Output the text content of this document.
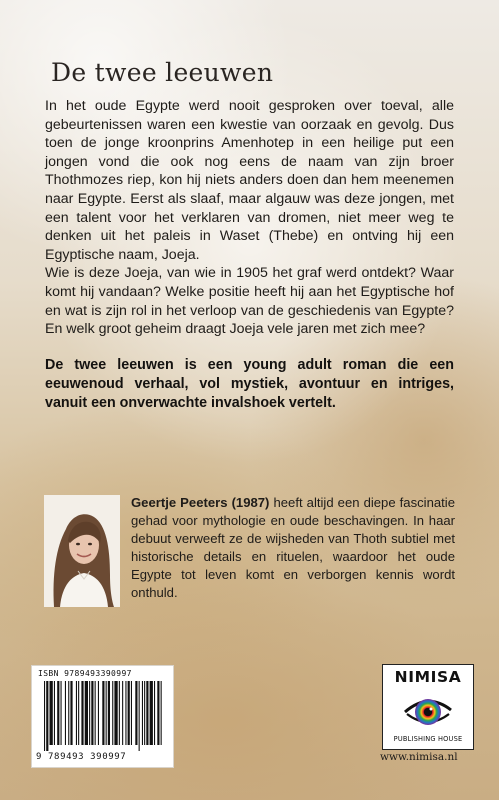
De twee leeuwen

In het oude Egypte werd nooit gesproken over toeval, alle gebeurtenissen waren een kwestie van oorzaak en gevolg. Dus toen de jonge kroonprins Amenhotep in een heilige put een jongen vond die ook nog eens de naam van zijn broer Thothmozes riep, kon hij niets anders doen dan hem meenemen naar Egypte. Eerst als slaaf, maar algauw was deze jongen, met een talent voor het verklaren van dromen, niet meer weg te denken uit het paleis in Waset (Thebe) en ontving hij een Egyptische naam, Joeja.

Wie is deze Joeja, van wie in 1905 het graf werd ontdekt? Waar komt hij vandaan? Welke positie heeft hij aan het Egyptische hof en wat is zijn rol in het verloop van de geschiedenis van Egypte? En welk groot geheim draagt Joeja vele jaren met zich mee?

De twee leeuwen is een young adult roman die een eeuwenoud verhaal, vol mystiek, avontuur en intriges, vanuit een onverwachte invalshoek vertelt.
Geertje Peeters (1987) heeft altijd een diepe fascinatie gehad voor mythologie en oude beschavingen. In haar debuut verweeft ze de wijsheden van Thoth subtiel met historische details en rituelen, waardoor het oude Egypte tot leven komt en verborgen kennis wordt onthuld.
ISBN 9789493390997
9 789493 390997
NIMISA
PUBLISHING HOUSE
www.nimisa.nl
